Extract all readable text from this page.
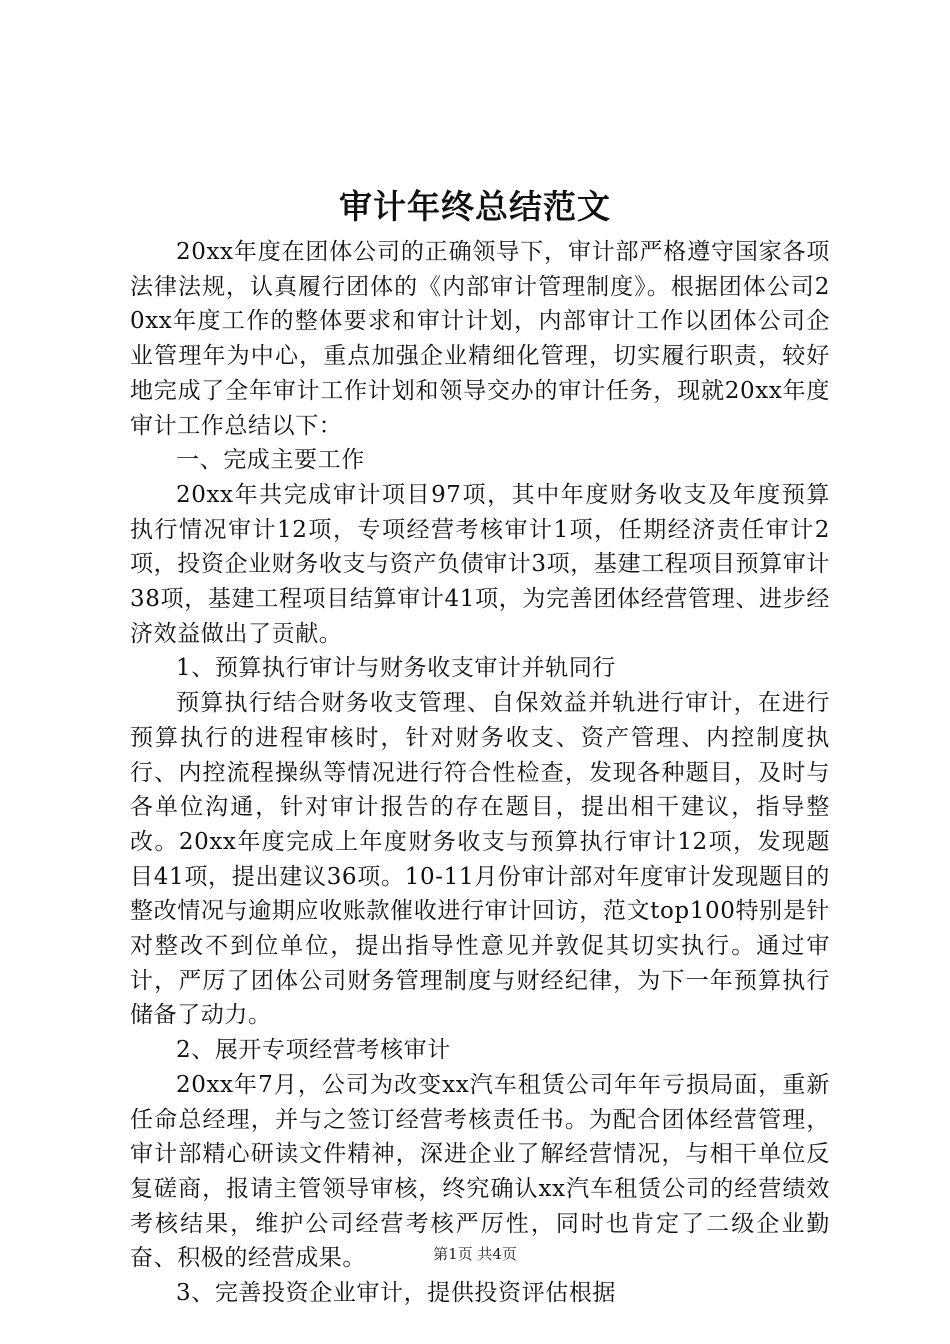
审计年终总结范文

20xx年度在团体公司的正确领导下，审计部严格遵守国家各项法律法规，认真履行团体的《内部审计管理制度》。根据团体公司20xx年度工作的整体要求和审计计划，内部审计工作以团体公司企业管理年为中心，重点加强企业精细化管理，切实履行职责，较好地完成了全年审计工作计划和领导交办的审计任务，现就20xx年度审计工作总结以下：

一、完成主要工作

20xx年共完成审计项目97项，其中年度财务收支及年度预算执行情况审计12项，专项经营考核审计1项，任期经济责任审计2项，投资企业财务收支与资产负债审计3项，基建工程项目预算审计38项，基建工程项目结算审计41项，为完善团体经营管理、进步经济效益做出了贡献。

1、预算执行审计与财务收支审计并轨同行

预算执行结合财务收支管理、自保效益并轨进行审计，在进行预算执行的进程审核时，针对财务收支、资产管理、内控制度执行、内控流程操纵等情况进行符合性检查，发现各种题目，及时与各单位沟通，针对审计报告的存在题目，提出相干建议，指导整改。20xx年度完成上年度财务收支与预算执行审计12项，发现题目41项，提出建议36项。10-11月份审计部对年度审计发现题目的整改情况与逾期应收账款催收进行审计回访，范文top100特别是针对整改不到位单位，提出指导性意见并敦促其切实执行。通过审计，严厉了团体公司财务管理制度与财经纪律，为下一年预算执行储备了动力。

2、展开专项经营考核审计

20xx年7月，公司为改变xx汽车租赁公司年年亏损局面，重新任命总经理，并与之签订经营考核责任书。为配合团体经营管理，审计部精心研读文件精神，深进企业了解经营情况，与相干单位反复磋商，报请主管领导审核，终究确认xx汽车租赁公司的经营绩效考核结果，维护公司经营考核严厉性，同时也肯定了二级企业勤奋、积极的经营成果。

3、完善投资企业审计，提供投资评估根据

第1页 共4页
